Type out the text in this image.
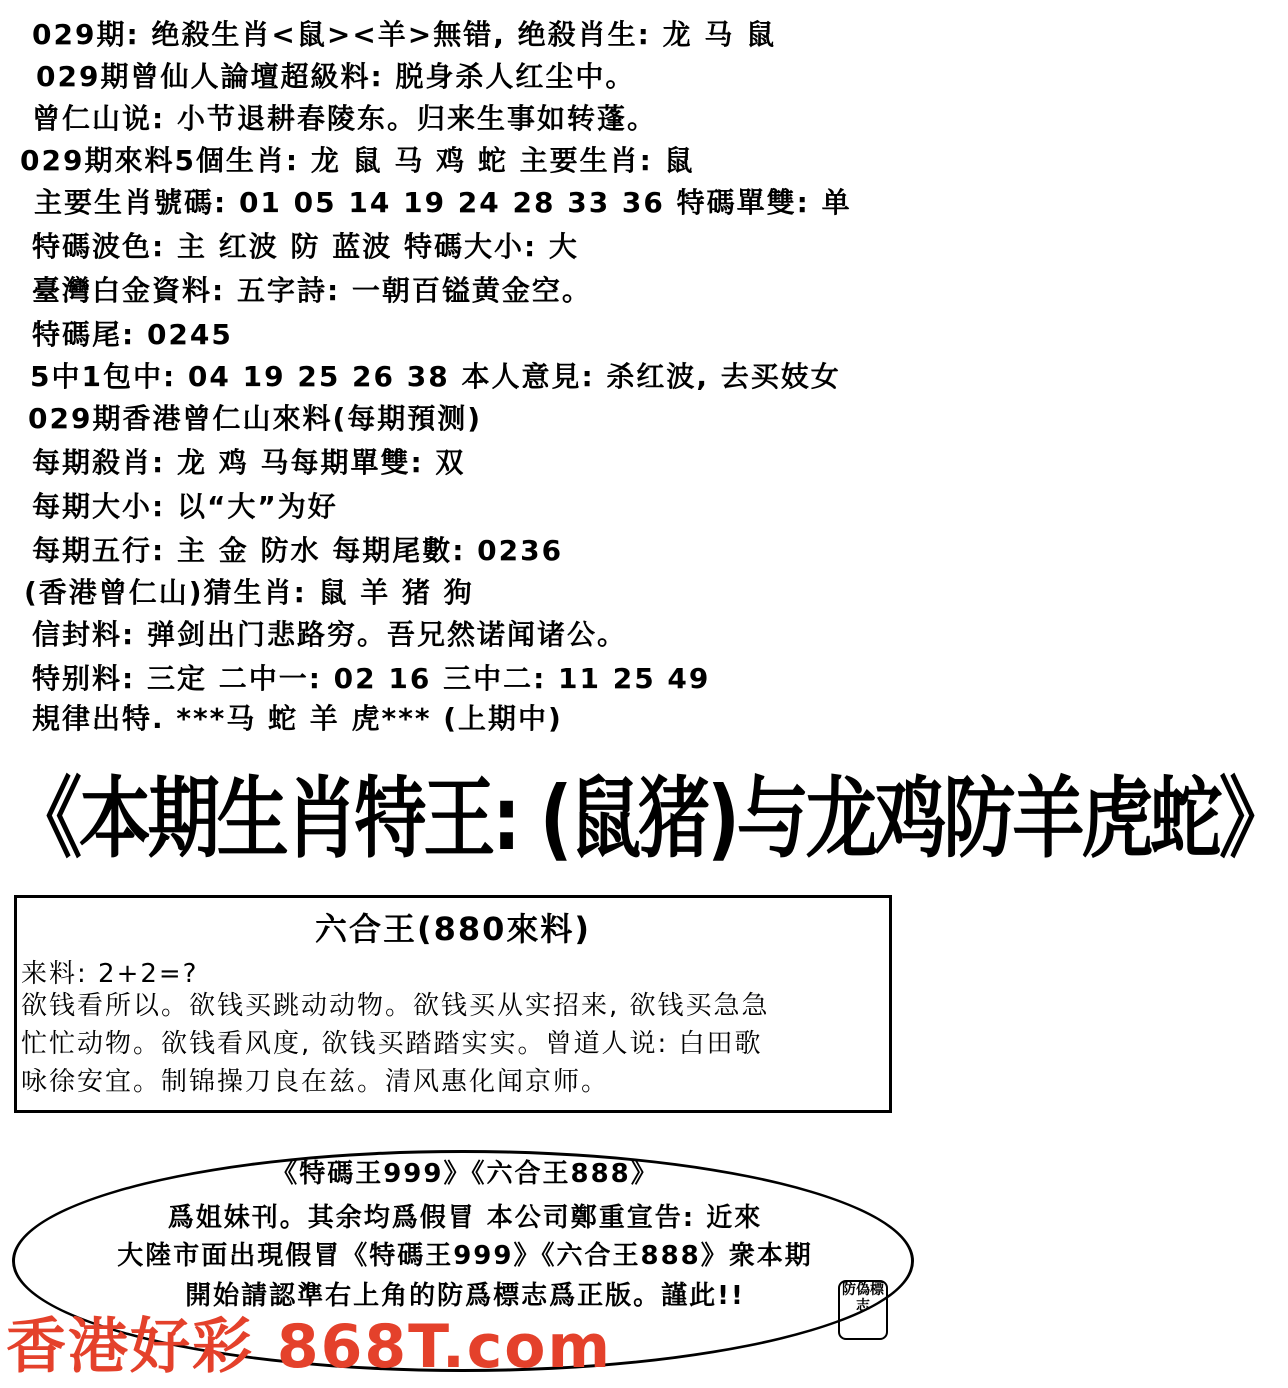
029期: 绝殺生肖<鼠><羊>無错, 绝殺肖生: 龙 马 鼠
029期曾仙人論壇超級料: 脱身杀人红尘中。
曾仁山说: 小节退耕春陵东。归来生事如转蓬。
029期來料5個生肖: 龙 鼠 马 鸡 蛇 主要生肖: 鼠
主要生肖號碼: 01 05 14 19 24 28 33 36 特碼單雙: 单
特碼波色: 主 红波 防 蓝波 特碼大小: 大
臺灣白金資料: 五字詩: 一朝百镒黄金空。
特碼尾: 0245
5中1包中: 04 19 25 26 38 本人意見: 杀红波, 去买妓女
029期香港曾仁山來料(每期預测)
每期殺肖: 龙 鸡 马每期單雙: 双
每期大小: 以“大”为好
每期五行: 主 金 防水 每期尾數: 0236
(香港曾仁山)猜生肖: 鼠 羊 猪 狗
信封料: 弹剑出门悲路穷。吾兄然诺闻诸公。
特别料: 三定 二中一: 02 16 三中二: 11 25 49
規律出特. ***马 蛇 羊 虎*** (上期中)
《本期生肖特王: (鼠猪)与龙鸡防羊虎蛇》
六合王(880來料)
来料: 2+2=?
欲钱看所以。欲钱买跳动动物。欲钱买从实招来, 欲钱买急急
忙忙动物。欲钱看风度, 欲钱买踏踏实实。曾道人说: 白田歌
咏徐安宜。制锦操刀良在兹。清风惠化闻京师。
《特碼王999》《六合王888》
爲姐妹刊。其余均爲假冒 本公司鄭重宣告: 近來
大陸市面出現假冒《特碼王999》《六合王888》衆本期
開始請認準右上角的防爲標志爲正版。謹此!!	防偽標志
香港好彩 868T.com
